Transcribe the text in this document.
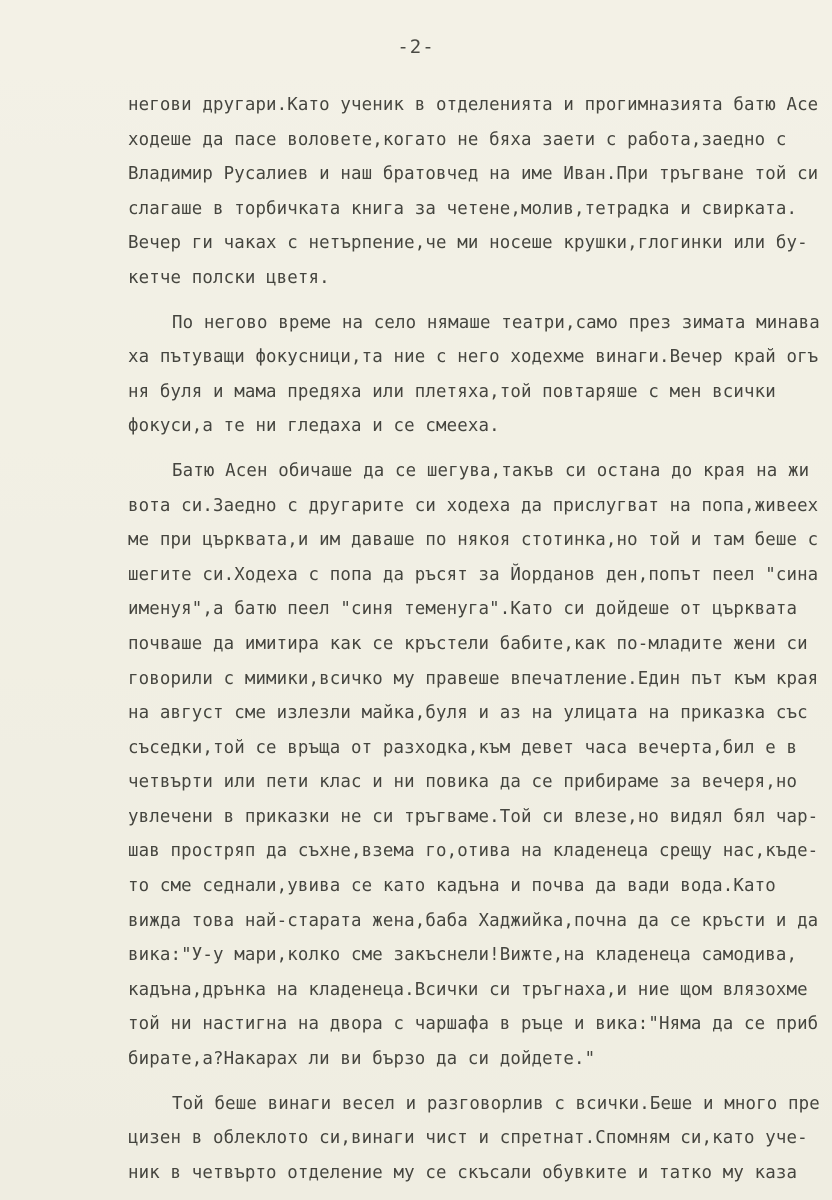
-2-
негови другари.Като ученик в отделенията и прогимназията батю Асе
ходеше да пасе воловете,когато не бяха заети с работа,заедно с
Владимир Русалиев и наш братовчед на име Иван.При тръгване той си
слагаше в торбичката книга за четене,молив,тетрадка и свирката.
Вечер ги чаках с нетърпение,че ми носеше крушки,глогинки или бу-
кетче полски цветя.
По негово време на село нямаше театри,само през зимата минава
ха пътуващи фокусници,та ние с него ходехме винаги.Вечер край огъ
ня буля и мама предяха или плетяха,той повтаряше с мен всички
фокуси,а те ни гледаха и се смееха.
Батю Асен обичаше да се шегува,такъв си остана до края на жи
вота си.Заедно с другарите си ходеха да прислугват на попа,живеех
ме при църквата,и им даваше по някоя стотинка,но той и там беше с
шегите си.Ходеха с попа да ръсят за Йорданов ден,попът пеел "сина
именуя",а батю пеел "синя теменуга".Като си дойдеше от църквата
почваше да имитира как се кръстели бабите,как по-младите жени си
говорили с мимики,всичко му правеше впечатление.Един път към края
на август сме излезли майка,буля и аз на улицата на приказка със
съседки,той се връща от разходка,към девет часа вечерта,бил е в
четвърти или пети клас и ни повика да се прибираме за вечеря,но
увлечени в приказки не си тръгваме.Той си влезе,но видял бял чар-
шав простряп да съхне,взема го,отива на кладенеца срещу нас,къде-
то сме седнали,увива се като кадъна и почва да вади вода.Като
вижда това най-старата жена,баба Хаджийка,почна да се кръсти и да
вика:"У-у мари,колко сме закъснели!Вижте,на кладенеца самодива,
кадъна,дрънка на кладенеца.Всички си тръгнаха,и ние щом влязохме
той ни настигна на двора с чаршафа в ръце и вика:"Няма да се приб
бирате,а?Накарах ли ви бързо да си дойдете."
Той беше винаги весел и разговорлив с всички.Беше и много пре
цизен в облеклото си,винаги чист и спретнат.Спомням си,като уче-
ник в четвърто отделение му се скъсали обувките и татко му каза
